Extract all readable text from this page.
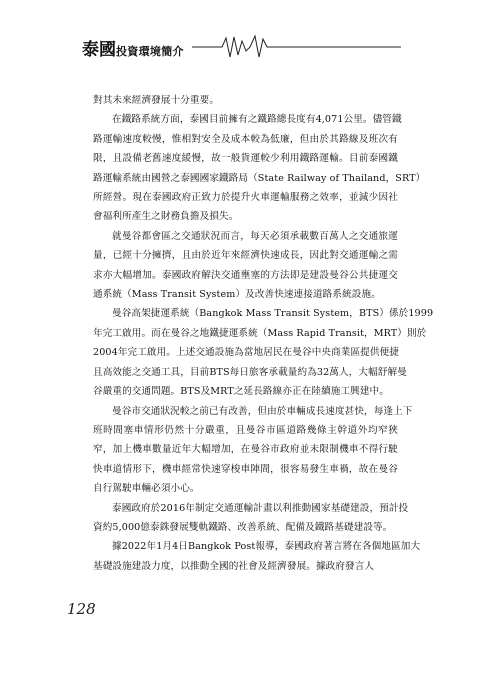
泰國投資環境簡介

對其未來經濟發展十分重要。

在鐵路系統方面，泰國目前擁有之鐵路總長度有4,071公里。儘管鐵
路運輸速度較慢，惟相對安全及成本較為低廉，但由於其路線及班次有
限，且設備老舊速度緩慢，故一般貨運較少利用鐵路運輸。目前泰國鐵
路運輸系統由國營之泰國國家鐵路局（State Railway of Thailand，SRT）
所經營。現在泰國政府正致力於提升火車運輸服務之效率，並減少因社
會福利所產生之財務負擔及損失。

就曼谷都會區之交通狀況而言，每天必須承載數百萬人之交通旅運
量，已經十分擁擠，且由於近年來經濟快速成長，因此對交通運輸之需
求亦大幅增加。泰國政府解決交通壅塞的方法即是建設曼谷公共捷運交
通系統（Mass Transit System）及改善快速連接道路系統設施。

曼谷高架捷運系統（Bangkok Mass Transit System，BTS）係於1999
年完工啟用。而在曼谷之地鐵捷運系統（Mass Rapid Transit，MRT）則於
2004年完工啟用。上述交通設施為當地居民在曼谷中央商業區提供便捷
且高效能之交通工具，目前BTS每日旅客承載量約為32萬人，大幅舒解曼
谷嚴重的交通問題。BTS及MRT之延長路線亦正在陸續施工興建中。

曼谷市交通狀況較之前已有改善，但由於車輛成長速度甚快，每逢上下
班時間塞車情形仍然十分嚴重，且曼谷市區道路幾條主幹道外均窄狹
窄，加上機車數量近年大幅增加，在曼谷市政府並未限制機車不得行駛
快車道情形下，機車經常快速穿梭車陣間，很容易發生車禍，故在曼谷
自行駕駛車輛必須小心。

泰國政府於2016年制定交通運輸計畫以利推動國家基礎建設，預計投
資約5,000億泰銖發展雙軌鐵路、改善系統、配備及鐵路基礎建設等。

據2022年1月4日Bangkok Post報導，泰國政府著言將在各個地區加大
基礎設施建設力度，以推動全國的社會及經濟發展。據政府發言人

128
